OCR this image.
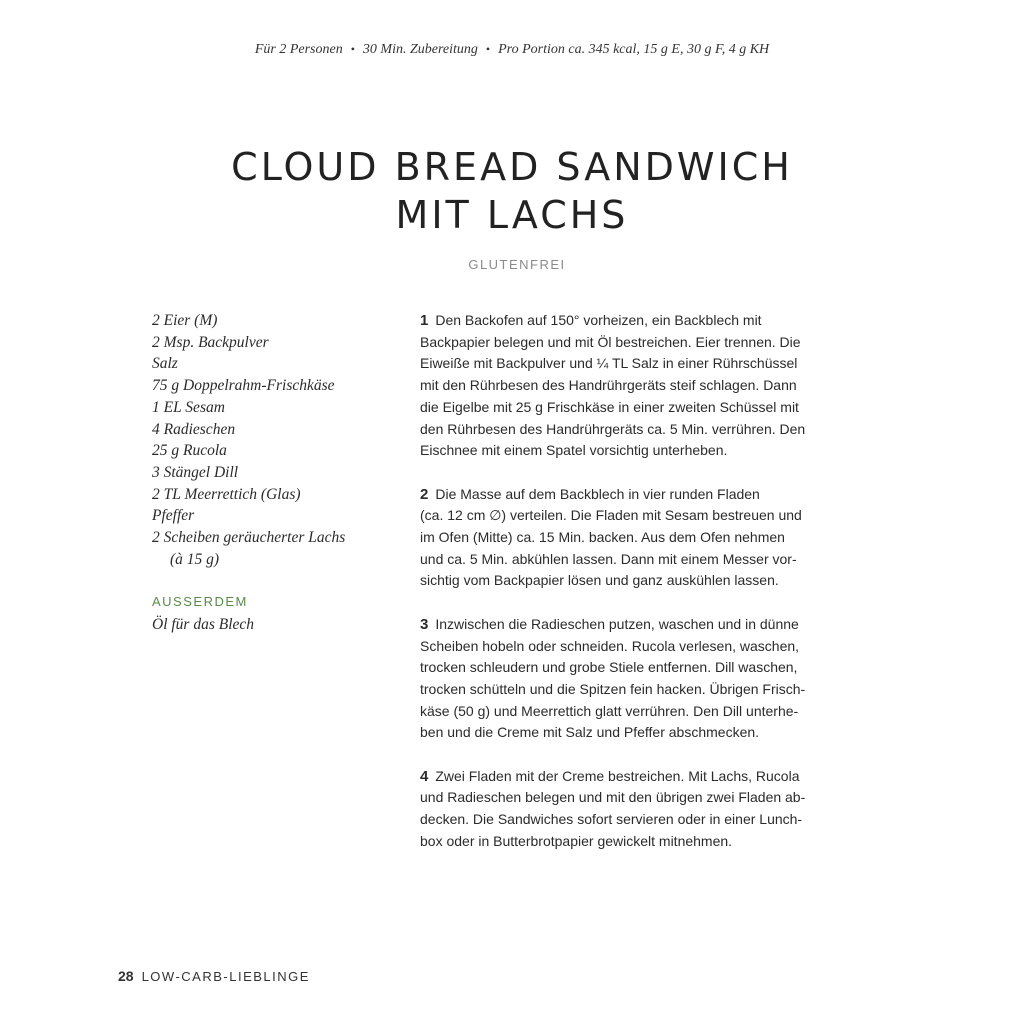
Für 2 Personen • 30 Min. Zubereitung • Pro Portion ca. 345 kcal, 15 g E, 30 g F, 4 g KH
CLOUD BREAD SANDWICH
MIT LACHS
GLUTENFREI
2 Eier (M)
2 Msp. Backpulver
Salz
75 g Doppelrahm-Frischkäse
1 EL Sesam
4 Radieschen
25 g Rucola
3 Stängel Dill
2 TL Meerrettich (Glas)
Pfeffer
2 Scheiben geräucherter Lachs
(à 15 g)
AUSSERDEM
Öl für das Blech

1 Den Backofen auf 150° vorheizen, ein Backblech mit
Backpapier belegen und mit Öl bestreichen. Eier trennen. Die
Eiweiße mit Backpulver und ¼ TL Salz in einer Rührschüssel
mit den Rührbesen des Handrührgeräts steif schlagen. Dann
die Eigelbe mit 25 g Frischkäse in einer zweiten Schüssel mit
den Rührbesen des Handrührgeräts ca. 5 Min. verrühren. Den
Eischnee mit einem Spatel vorsichtig unterheben.

2 Die Masse auf dem Backblech in vier runden Fladen
(ca. 12 cm ∅) verteilen. Die Fladen mit Sesam bestreuen und
im Ofen (Mitte) ca. 15 Min. backen. Aus dem Ofen nehmen
und ca. 5 Min. abkühlen lassen. Dann mit einem Messer vor-
sichtig vom Backpapier lösen und ganz auskühlen lassen.

3 Inzwischen die Radieschen putzen, waschen und in dünne
Scheiben hobeln oder schneiden. Rucola verlesen, waschen,
trocken schleudern und grobe Stiele entfernen. Dill waschen,
trocken schütteln und die Spitzen fein hacken. Übrigen Frisch-
käse (50 g) und Meerrettich glatt verrühren. Den Dill unterhe-
ben und die Creme mit Salz und Pfeffer abschmecken.

4 Zwei Fladen mit der Creme bestreichen. Mit Lachs, Rucola
und Radieschen belegen und mit den übrigen zwei Fladen ab-
decken. Die Sandwiches sofort servieren oder in einer Lunch-
box oder in Butterbrotpapier gewickelt mitnehmen.

28 LOW-CARB-LIEBLINGE
